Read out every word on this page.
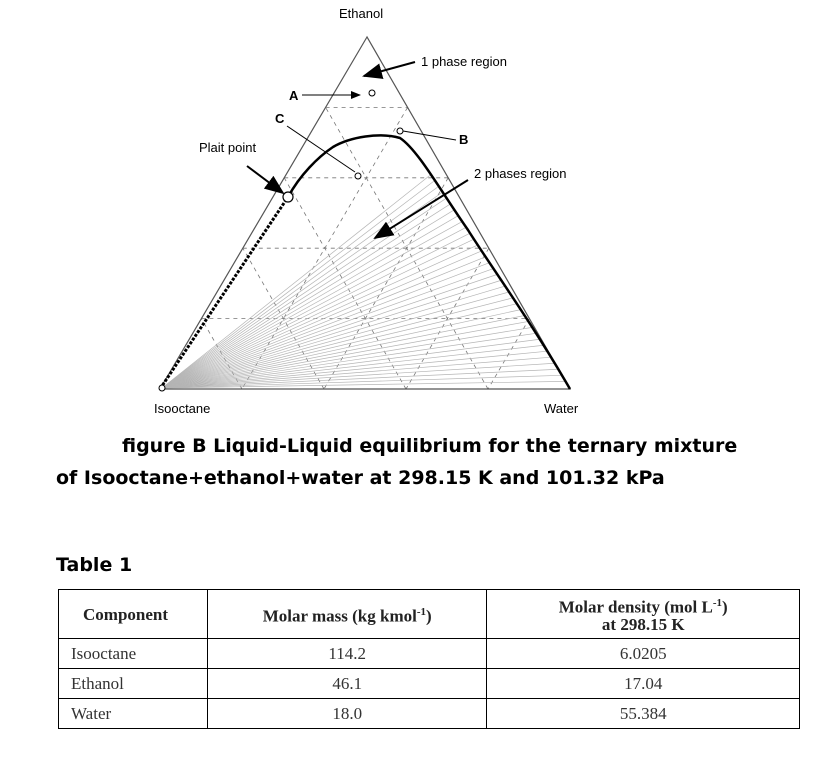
Ethanol
Isooctane	Water
1 phase region
2 phases region
Plait point
A
B
C

figure B Liquid-Liquid equilibrium for the ternary mixture of Isooctane+ethanol+water at 298.15 K and 101.32 kPa

Table 1

Component	Molar mass (kg kmol$^{-1}$)	Molar density (mol $L^{-1}$)
at 298.15 K
Isooctane	114.2	6.0205
Ethanol	46.1	17.04
Water	18.0	55.384
